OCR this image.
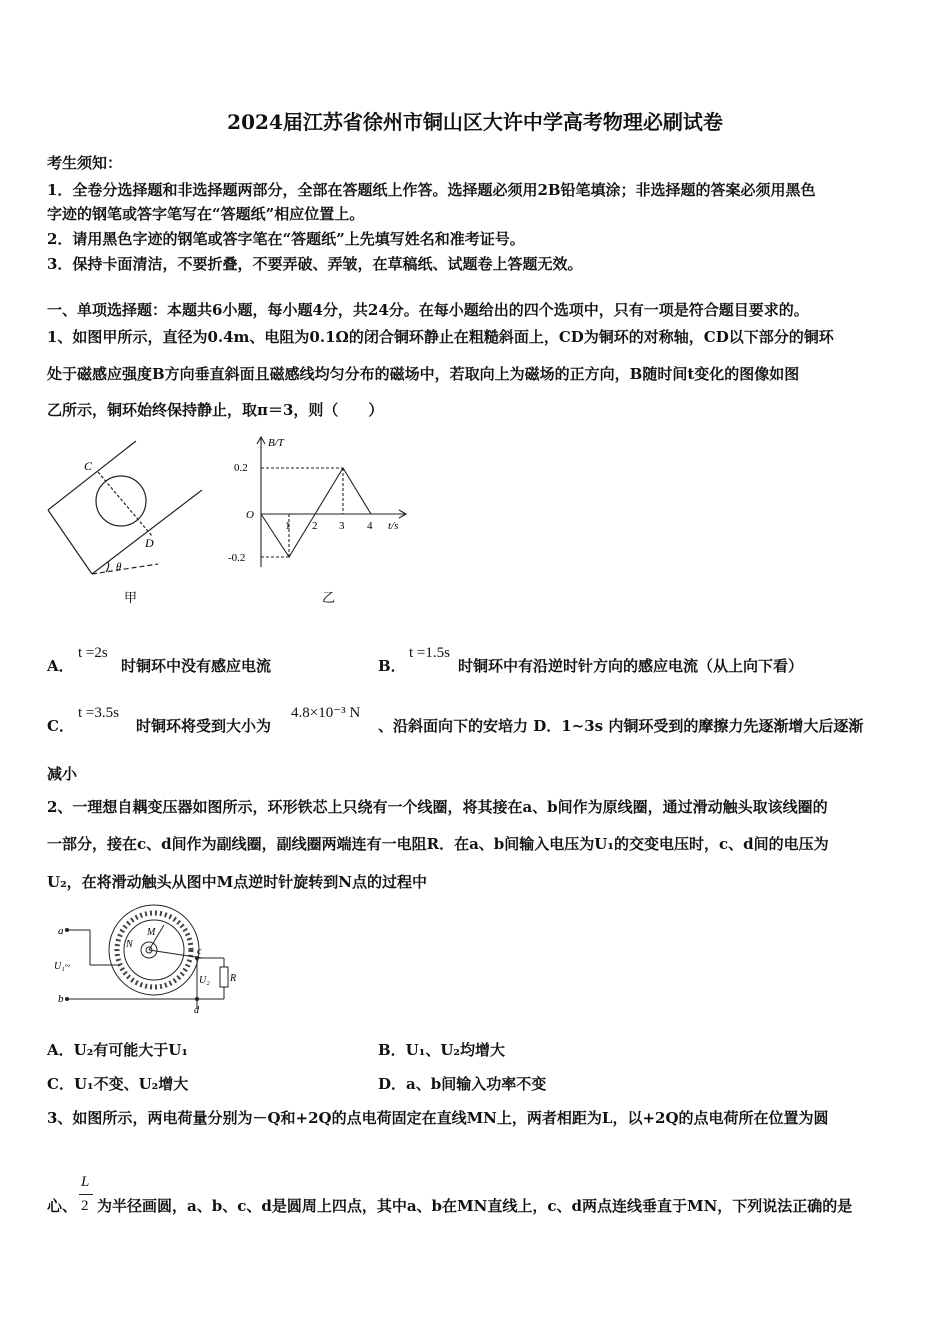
2024届江苏省徐州市铜山区大许中学高考物理必刷试卷
考生须知：
1．全卷分选择题和非选择题两部分，全部在答题纸上作答。选择题必须用2B铅笔填涂；非选择题的答案必须用黑色
字迹的钢笔或答字笔写在“答题纸”相应位置上。
2．请用黑色字迹的钢笔或答字笔在“答题纸”上先填写姓名和准考证号。
3．保持卡面清洁，不要折叠，不要弄破、弄皱，在草稿纸、试题卷上答题无效。
一、单项选择题：本题共6小题，每小题4分，共24分。在每小题给出的四个选项中，只有一项是符合题目要求的。
1、如图甲所示，直径为0.4m、电阻为0.1Ω的闭合铜环静止在粗糙斜面上，CD为铜环的对称轴，CD以下部分的铜环
处于磁感应强度B方向垂直斜面且磁感线均匀分布的磁场中，若取向上为磁场的正方向，B随时间t变化的图像如图
乙所示，铜环始终保持静止，取π＝3，则（　　）
C
D
θ
甲
B/T
0.2
O
-0.2
1 2 3 4 t/s
乙
A．
t =2s
时铜环中没有感应电流	B．
t =1.5s
时铜环中有沿逆时针方向的感应电流（从上向下看）
C．
t =3.5s
时铜环将受到大小为
4.8×10⁻³ N
、沿斜面向下的安培力 D．1~3s 内铜环受到的摩擦力先逐渐增大后逐渐
减小
2、一理想自耦变压器如图所示，环形铁芯上只绕有一个线圈，将其接在a、b间作为原线圈，通过滑动触头取该线圈的
一部分，接在c、d间作为副线圈，副线圈两端连有一电阻R．在a、b间输入电压为U₁的交变电压时，c、d间的电压为
U₂，在将滑动触头从图中M点逆时针旋转到N点的过程中
a
b
U₁~
M
N
c
d
U₂ R
A．U₂有可能大于U₁	B．U₁、U₂均增大
C．U₁不变、U₂增大	D．a、b间输入功率不变
3、如图所示，两电荷量分别为－Q和+2Q的点电荷固定在直线MN上，两者相距为L，以+2Q的点电荷所在位置为圆
心、
L
2 为半径画圆，a、b、c、d是圆周上四点，其中a、b在MN直线上，c、d两点连线垂直于MN，下列说法正确的是
